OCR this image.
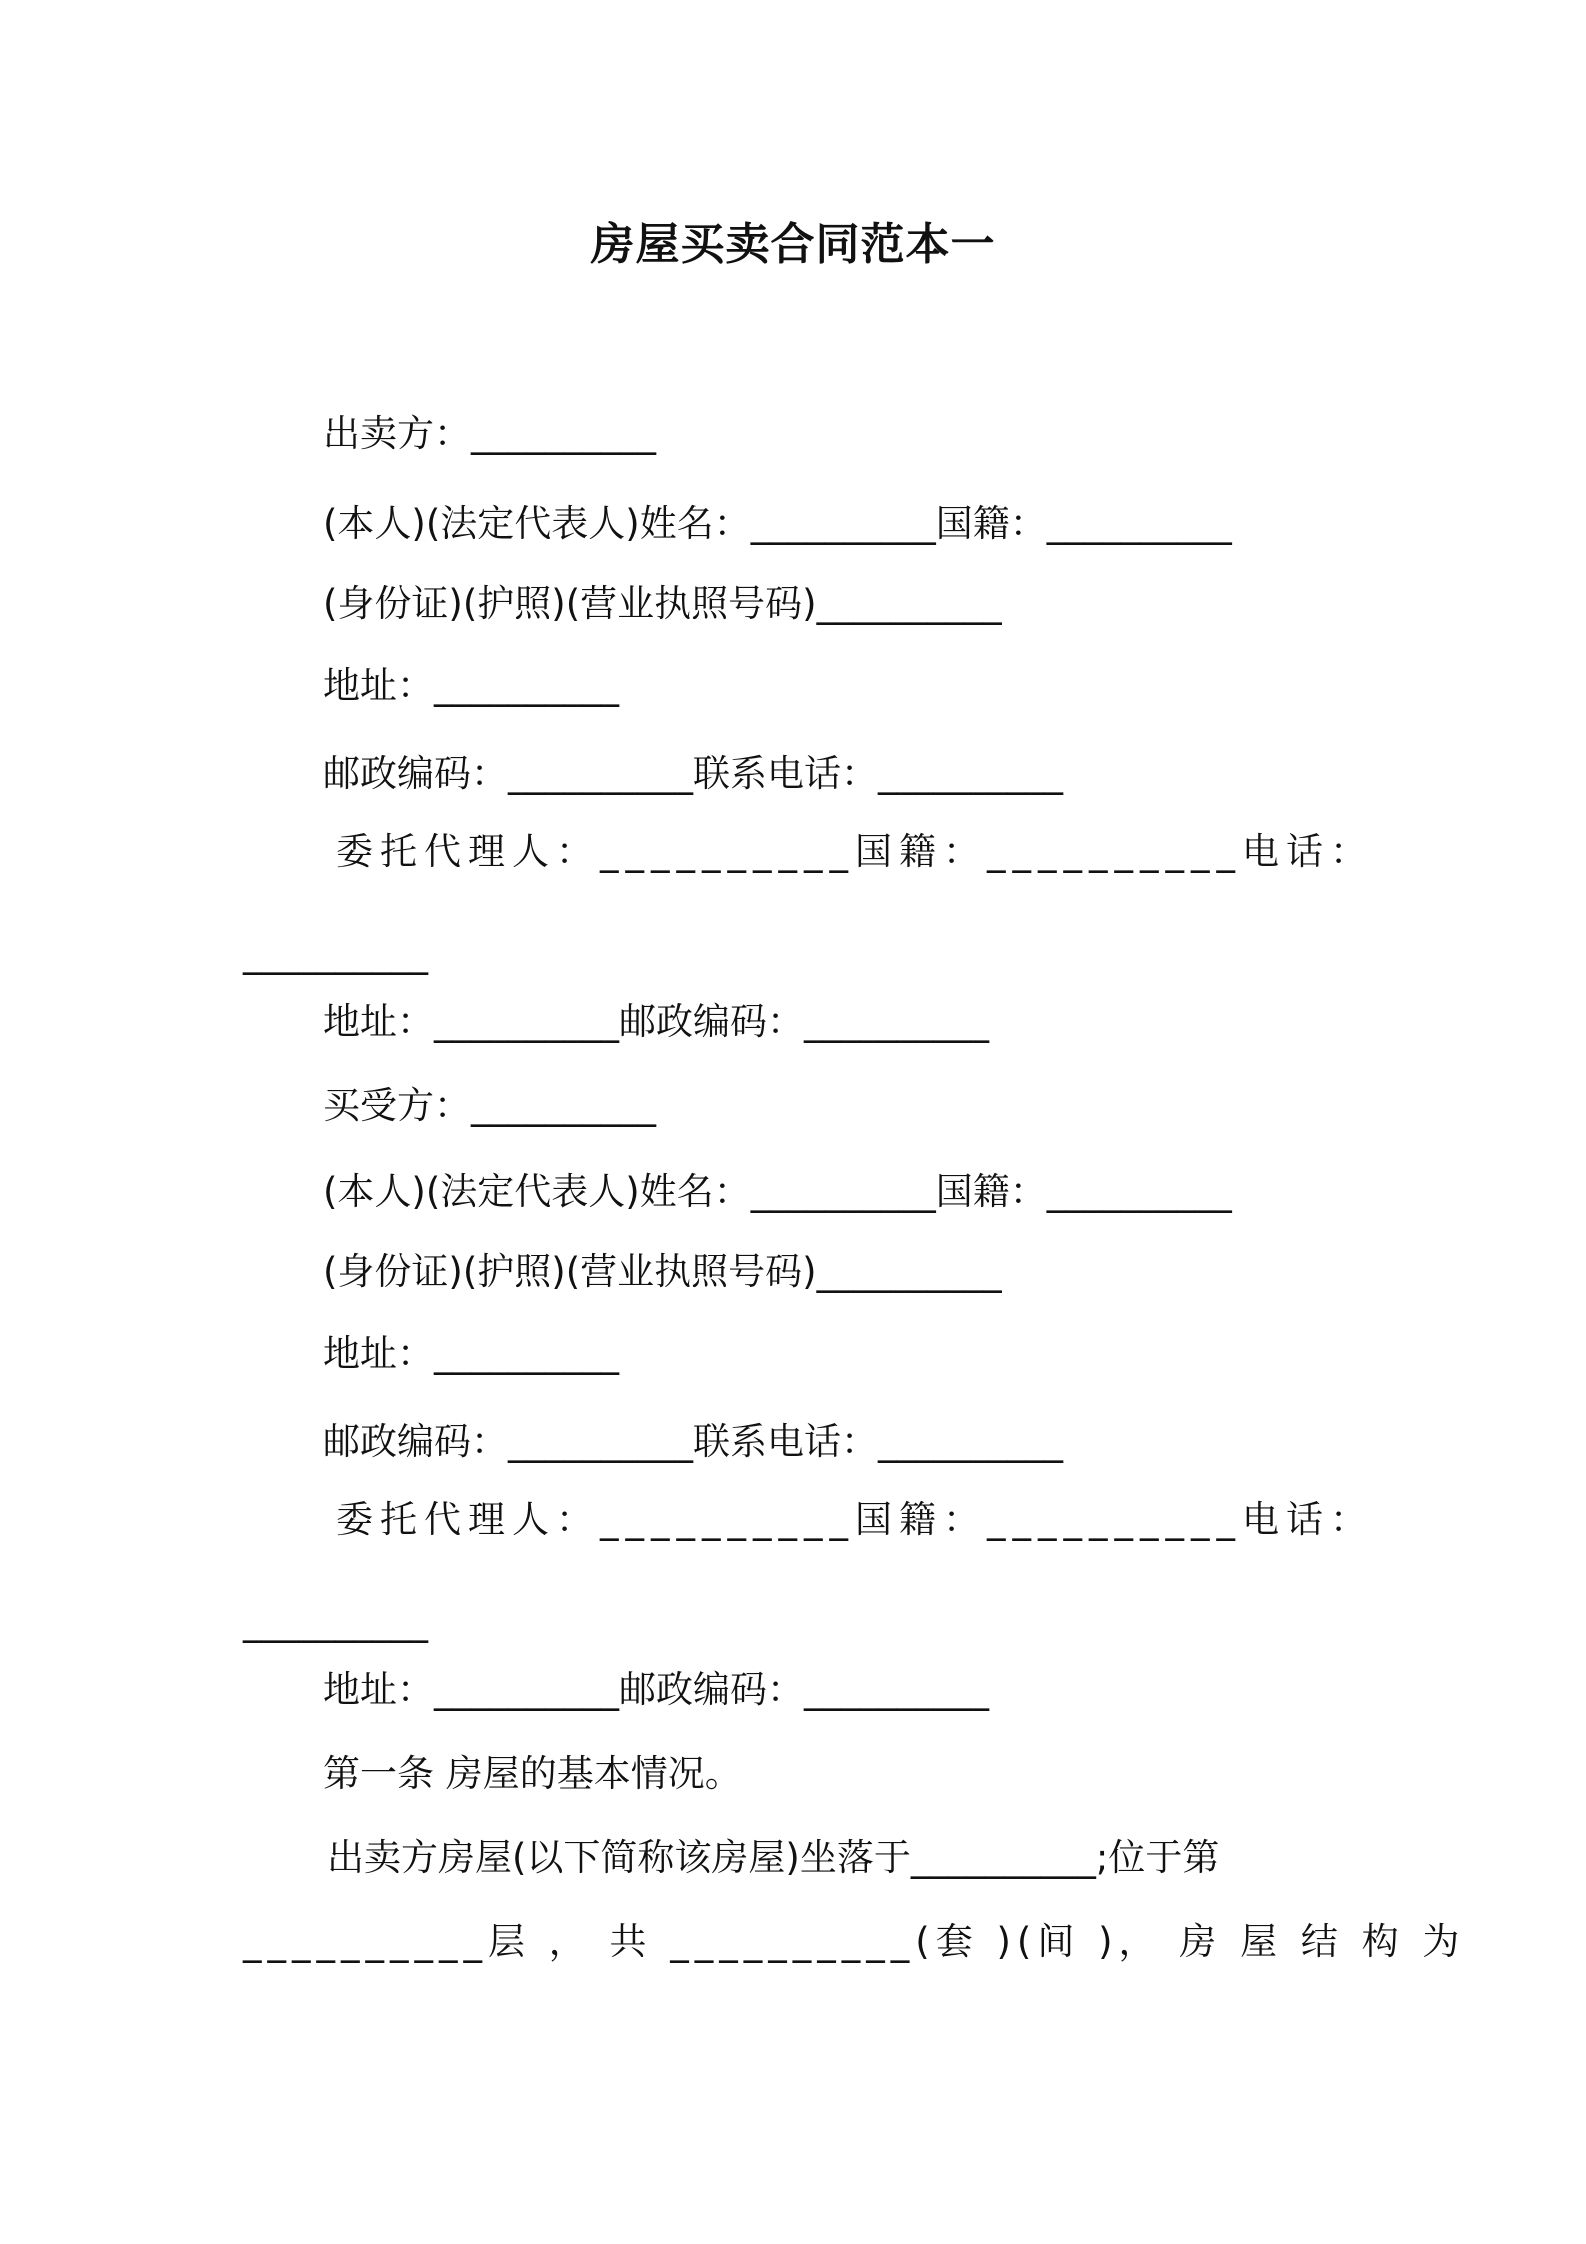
房屋买卖合同范本一
出卖方：__________
(本人)(法定代表人)姓名：__________国籍：__________
(身份证)(护照)(营业执照号码)__________
地址：__________
邮政编码：__________联系电话：__________
委托代理人：__________国籍：__________电话：
__________
地址：__________邮政编码：__________
买受方：__________
(本人)(法定代表人)姓名：__________国籍：__________
(身份证)(护照)(营业执照号码)__________
地址：__________
邮政编码：__________联系电话：__________
委托代理人：__________国籍：__________电话：
__________
地址：__________邮政编码：__________
第一条 房屋的基本情况。
出卖方房屋(以下简称该房屋)坐落于__________;位于第
__________层 ， 共 __________(套 )(间 )， 房 屋 结 构 为
